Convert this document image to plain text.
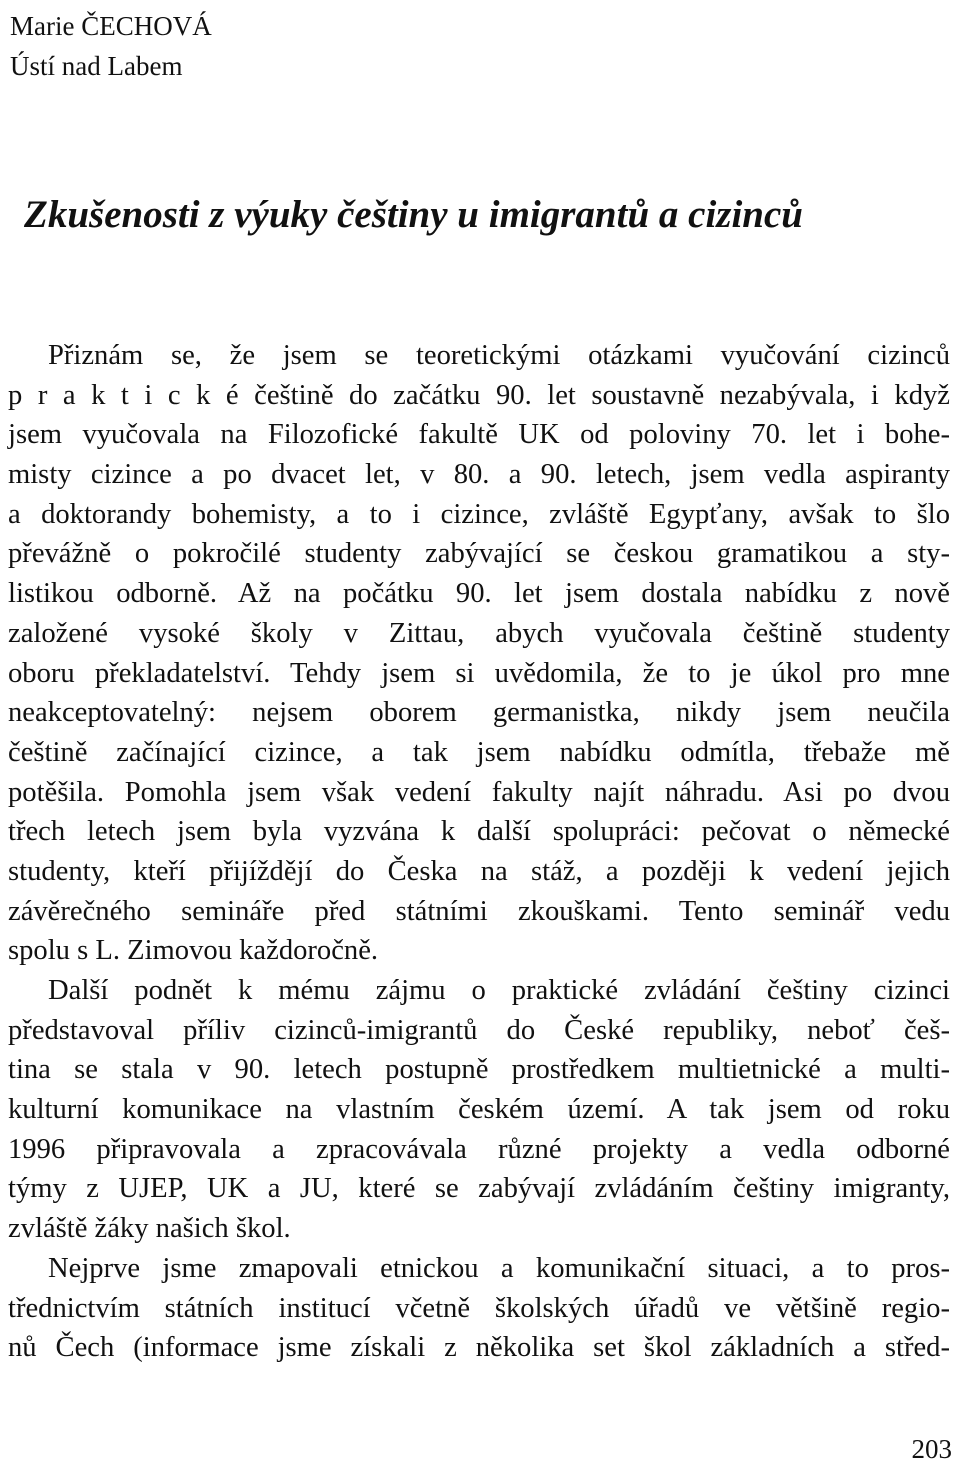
Marie ČECHOVÁ
Ústí nad Labem
Zkušenosti z výuky češtiny u imigrantů a cizinců
Přiznám se, že jsem se teoretickými otázkami vyučování cizinců
p r a k t i c k é češtině do začátku 90. let soustavně nezabývala, i když
jsem vyučovala na Filozofické fakultě UK od poloviny 70. let i bohe-
misty cizince a po dvacet let, v 80. a 90. letech, jsem vedla aspiranty
a doktorandy bohemisty, a to i cizince, zvláště Egypťany, avšak to šlo
převážně o pokročilé studenty zabývající se českou gramatikou a sty-
listikou odborně. Až na počátku 90. let jsem dostala nabídku z nově
založené vysoké školy v Zittau, abych vyučovala češtině studenty
oboru překladatelství. Tehdy jsem si uvědomila, že to je úkol pro mne
neakceptovatelný: nejsem oborem germanistka, nikdy jsem neučila
češtině začínající cizince, a tak jsem nabídku odmítla, třebaže mě
potěšila. Pomohla jsem však vedení fakulty najít náhradu. Asi po dvou
třech letech jsem byla vyzvána k další spolupráci: pečovat o německé
studenty, kteří přijíždějí do Česka na stáž, a později k vedení jejich
závěrečného semináře před státními zkouškami. Tento seminář vedu
spolu s L. Zimovou každoročně.
Další podnět k mému zájmu o praktické zvládání češtiny cizinci
představoval příliv cizinců-imigrantů do České republiky, neboť češ-
tina se stala v 90. letech postupně prostředkem multietnické a multi-
kulturní komunikace na vlastním českém území. A tak jsem od roku
1996 připravovala a zpracovávala různé projekty a vedla odborné
týmy z UJEP, UK a JU, které se zabývají zvládáním češtiny imigranty,
zvláště žáky našich škol.
Nejprve jsme zmapovali etnickou a komunikační situaci, a to pros-
třednictvím státních institucí včetně školských úřadů ve většině regio-
nů Čech (informace jsme získali z několika set škol základních a střed-
203
